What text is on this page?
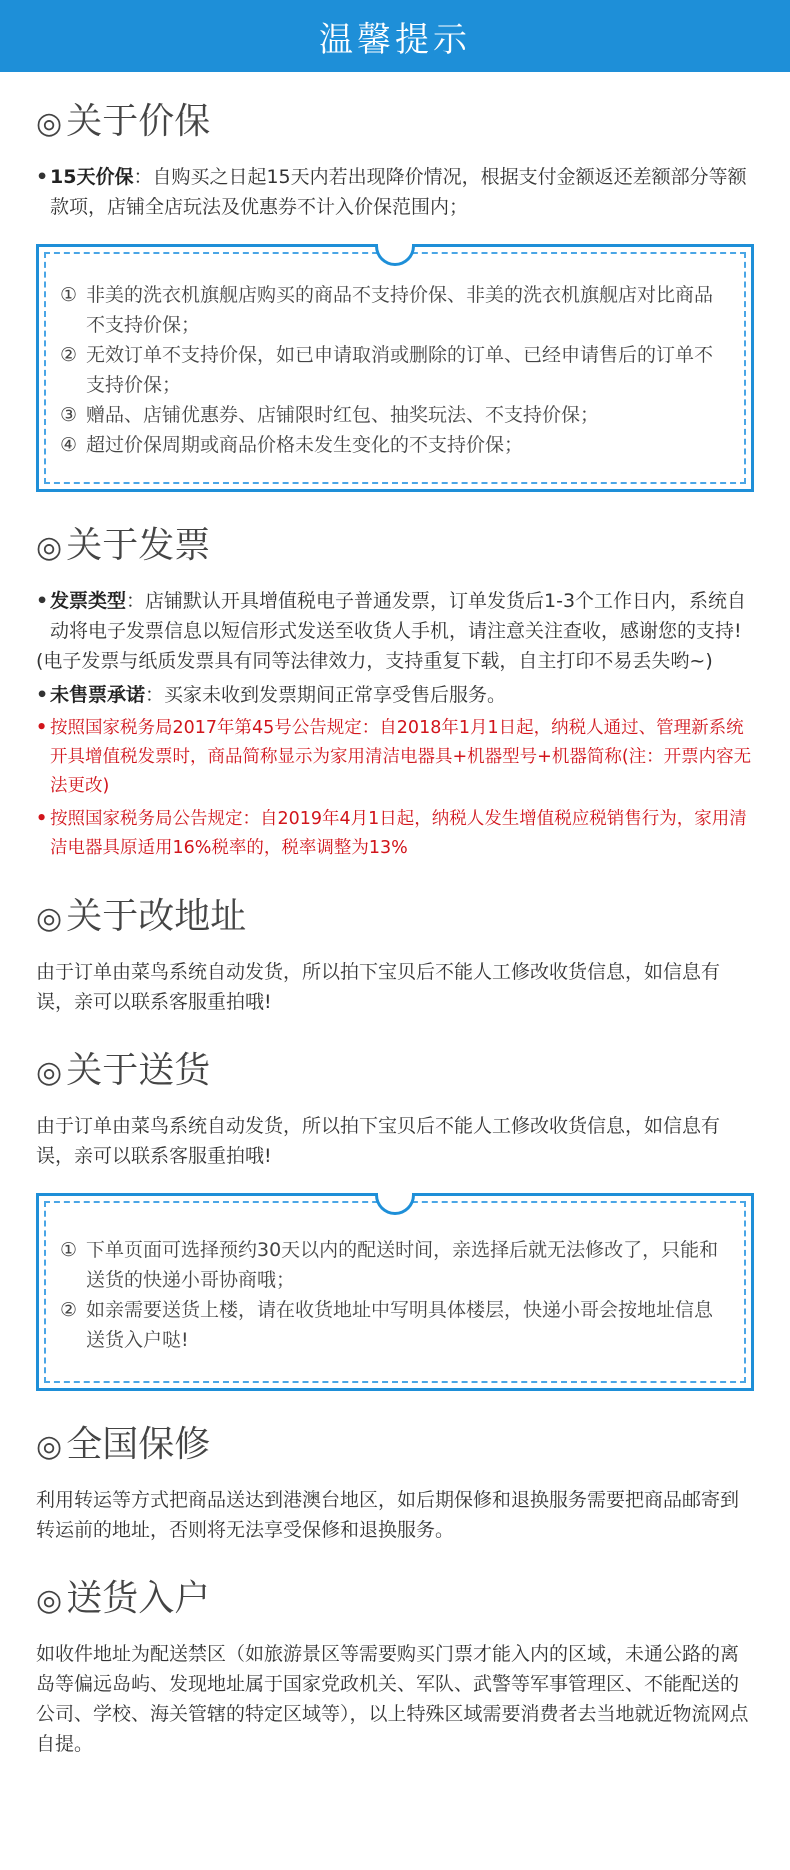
温馨提示
◎ 关于价保
• 15天价保：自购买之日起15天内若出现降价情况，根据支付金额返还差额部分等额款项，店铺全店玩法及优惠券不计入价保范围内；
① 非美的洗衣机旗舰店购买的商品不支持价保、非美的洗衣机旗舰店对比商品不支持价保；
② 无效订单不支持价保，如已申请取消或删除的订单、已经申请售后的订单不支持价保；
③ 赠品、店铺优惠券、店铺限时红包、抽奖玩法、不支持价保；
④ 超过价保周期或商品价格未发生变化的不支持价保；
◎ 关于发票
• 发票类型：店铺默认开具增值税电子普通发票，订单发货后1-3个工作日内，系统自动将电子发票信息以短信形式发送至收货人手机，请注意关注查收，感谢您的支持!

(电子发票与纸质发票具有同等法律效力，支持重复下载，自主打印不易丢失哟~)

• 未售票承诺：买家未收到发票期间正常享受售后服务。
• 按照国家税务局2017年第45号公告规定：自2018年1月1日起，纳税人通过、管理新系统开具增值税发票时，商品简称显示为家用清洁电器具+机器型号+机器简称(注：开票内容无法更改)
• 按照国家税务局公告规定：自2019年4月1日起，纳税人发生增值税应税销售行为，家用清洁电器具原适用16%税率的，税率调整为13%
◎ 关于改地址

由于订单由菜鸟系统自动发货，所以拍下宝贝后不能人工修改收货信息，如信息有误，亲可以联系客服重拍哦!

◎ 关于送货

由于订单由菜鸟系统自动发货，所以拍下宝贝后不能人工修改收货信息，如信息有误，亲可以联系客服重拍哦!

① 下单页面可选择预约30天以内的配送时间，亲选择后就无法修改了，只能和送货的快递小哥协商哦；
② 如亲需要送货上楼，请在收货地址中写明具体楼层，快递小哥会按地址信息送货入户哒!
◎ 全国保修

利用转运等方式把商品送达到港澳台地区，如后期保修和退换服务需要把商品邮寄到转运前的地址，否则将无法享受保修和退换服务。

◎ 送货入户

如收件地址为配送禁区（如旅游景区等需要购买门票才能入内的区域，未通公路的离岛等偏远岛屿、发现地址属于国家党政机关、军队、武警等军事管理区、不能配送的公司、学校、海关管辖的特定区域等），以上特殊区域需要消费者去当地就近物流网点自提。
